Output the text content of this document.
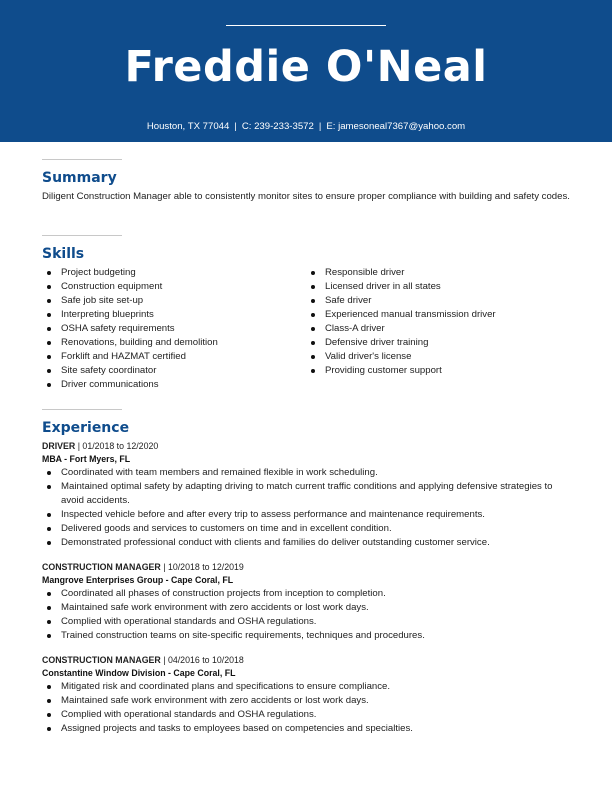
Freddie O'Neal
Houston, TX 77044 | C: 239-233-3572 | E: jamesoneal7367@yahoo.com
Summary
Diligent Construction Manager able to consistently monitor sites to ensure proper compliance with building and safety codes.
Skills
Project budgeting
Construction equipment
Safe job site set-up
Interpreting blueprints
OSHA safety requirements
Renovations, building and demolition
Forklift and HAZMAT certified
Site safety coordinator
Driver communications
Responsible driver
Licensed driver in all states
Safe driver
Experienced manual transmission driver
Class-A driver
Defensive driver training
Valid driver's license
Providing customer support
Experience
DRIVER | 01/2018 to 12/2020
MBA - Fort Myers, FL
Coordinated with team members and remained flexible in work scheduling.
Maintained optimal safety by adapting driving to match current traffic conditions and applying defensive strategies to avoid accidents.
Inspected vehicle before and after every trip to assess performance and maintenance requirements.
Delivered goods and services to customers on time and in excellent condition.
Demonstrated professional conduct with clients and families do deliver outstanding customer service.
CONSTRUCTION MANAGER | 10/2018 to 12/2019
Mangrove Enterprises Group - Cape Coral, FL
Coordinated all phases of construction projects from inception to completion.
Maintained safe work environment with zero accidents or lost work days.
Complied with operational standards and OSHA regulations.
Trained construction teams on site-specific requirements, techniques and procedures.
CONSTRUCTION MANAGER | 04/2016 to 10/2018
Constantine Window Division - Cape Coral, FL
Mitigated risk and coordinated plans and specifications to ensure compliance.
Maintained safe work environment with zero accidents or lost work days.
Complied with operational standards and OSHA regulations.
Assigned projects and tasks to employees based on competencies and specialties.
